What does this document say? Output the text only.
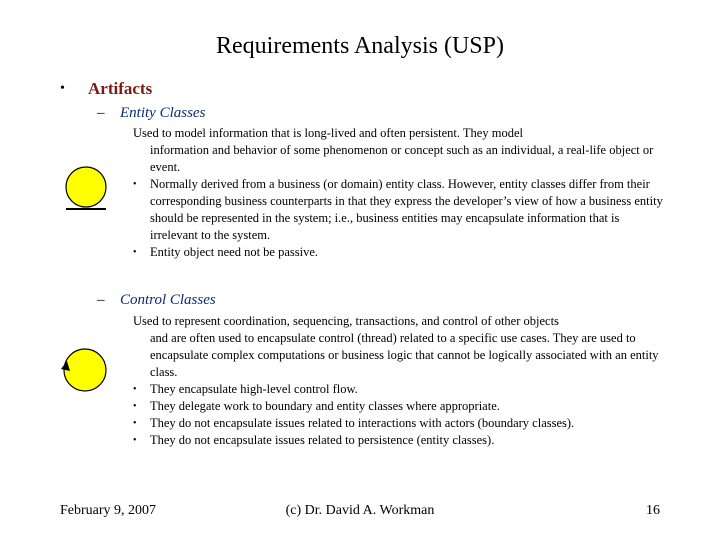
Requirements Analysis (USP)
• Artifacts
– Entity Classes
Used to model information that is long-lived and often persistent. They model
information and behavior of some phenomenon or concept such as an individual, a real-life object or event.
• Normally derived from a business (or domain) entity class. However, entity classes differ from their corresponding business counterparts in that they express the developer’s view of how a business entity should be represented in the system; i.e., business entities may encapsulate information that is irrelevant to the system.
• Entity object need not be passive.
– Control Classes
Used to represent coordination, sequencing, transactions, and control of other objects
and are often used to encapsulate control (thread) related to a specific use cases. They are used to encapsulate complex computations or business logic that cannot be logically associated with an entity class.
• They encapsulate high-level control flow.
• They delegate work to boundary and entity classes where appropriate.
• They do not encapsulate issues related to interactions with actors (boundary classes).
• They do not encapsulate issues related to persistence (entity classes).
February 9, 2007	(c) Dr. David A. Workman	16
